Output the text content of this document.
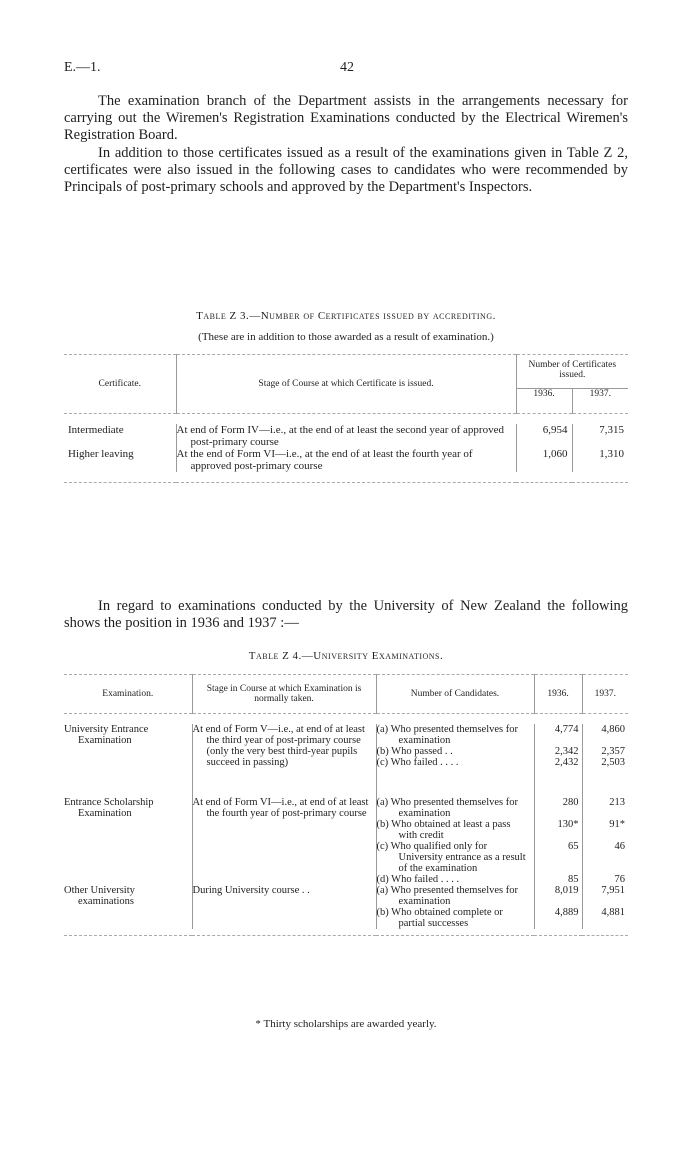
E.—1.	42
The examination branch of the Department assists in the arrangements necessary for carrying out the Wiremen's Registration Examinations conducted by the Electrical Wiremen's Registration Board.
In addition to those certificates issued as a result of the examinations given in Table Z 2, certificates were also issued in the following cases to candidates who were recommended by Principals of post-primary schools and approved by the Department's Inspectors.
Table Z 3.—Number of Certificates issued by accrediting.
(These are in addition to those awarded as a result of examination.)
Certificate.	Stage of Course at which Certificate is issued.	Number of Certificates issued.	
		1936.	1937.

Intermediate	At end of Form IV—i.e., at the end of at least the second year of approved post-primary course	6,954	7,315
Higher leaving	At the end of Form VI—i.e., at the end of at least the fourth year of approved post-primary course	1,060	1,310

In regard to examinations conducted by the University of New Zealand the following shows the position in 1936 and 1937 :—
Table Z 4.—University Examinations.
Examination.	Stage in Course at which Examination is normally taken.	Number of Candidates.	1936.	1937.

University Entrance Examination	At end of Form V—i.e., at end of at least the third year of post-primary course (only the very best third-year pupils succeed in passing)	(a) Who presented themselves for examination	4,774	4,860
		(b) Who passed . .	2,342	2,357
		(c) Who failed . . . .	2,432	2,503
Entrance Scholarship Examination	At end of Form VI—i.e., at end of at least the fourth year of post-primary course	(a) Who presented themselves for examination	280	213
		(b) Who obtained at least a pass with credit	130*	91*
		(c) Who qualified only for University entrance as a result of the examination	65	46
		(d) Who failed . . . .	85	76
Other University examinations	During University course . .	(a) Who presented themselves for examination	8,019	7,951
		(b) Who obtained complete or partial successes	4,889	4,881

* Thirty scholarships are awarded yearly.
